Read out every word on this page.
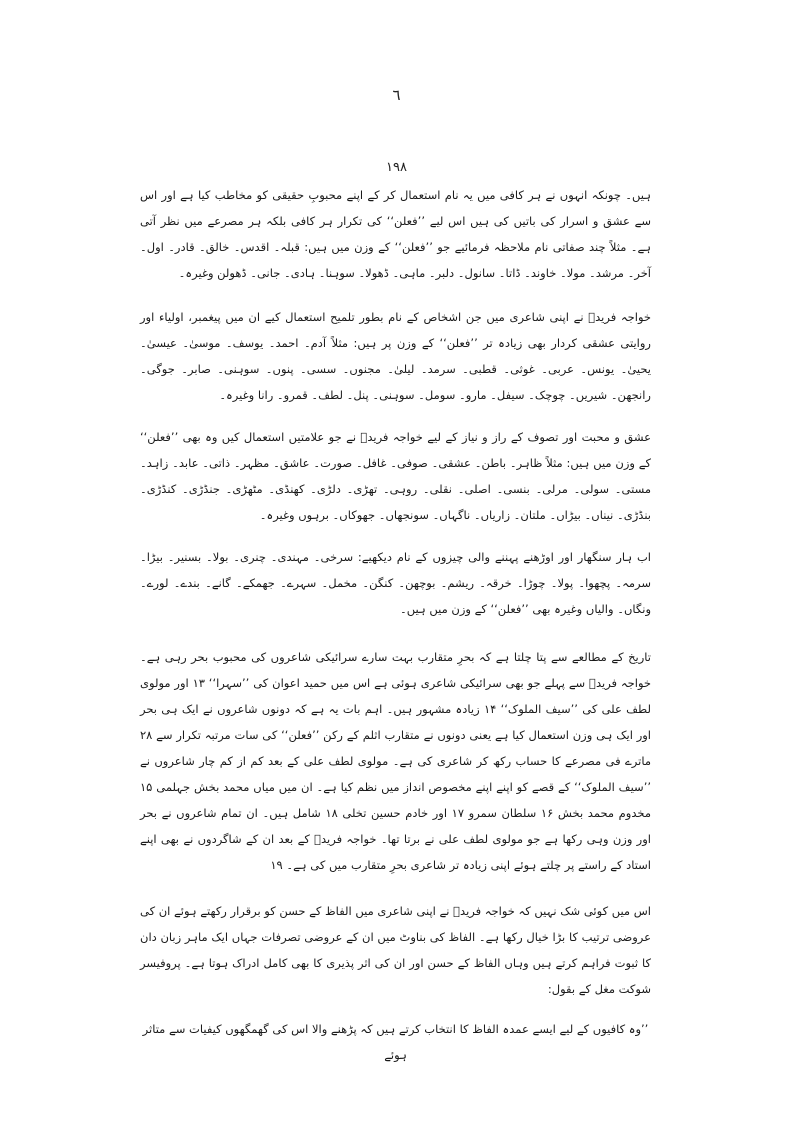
٦
۱۹۸

ہیں۔ چونکہ انہوں نے ہر کافی میں یہ نام استعمال کر کے اپنے محبوبِ حقیقی کو مخاطب کیا ہے اور اس سے عشق و اسرار کی باتیں کی ہیں اس لیے ’’فعلن‘‘ کی تکرار ہر کافی بلکہ ہر مصرعے میں نظر آتی ہے۔ مثلاً چند صفاتی نام ملاحظہ فرمائیے جو ’’فعلن‘‘ کے وزن میں ہیں: قبلہ۔ اقدس۔ خالق۔ قادر۔ اول۔ آخر۔ مرشد۔ مولا۔ خاوند۔ ڈاتا۔ سانول۔ دلبر۔ ماہی۔ ڈھولا۔ سوہنا۔ ہادی۔ جانی۔ ڈھولن وغیرہ۔

خواجہ فریدؒ نے اپنی شاعری میں جن اشخاص کے نام بطور تلمیح استعمال کیے ان میں پیغمبر، اولیاء اور روایتی عشقی کردار بھی زیادہ تر ’’فعلن‘‘ کے وزن پر ہیں: مثلاً آدم۔ احمد۔ یوسف۔ موسیٰ۔ عیسیٰ۔ یحییٰ۔ یونس۔ عربی۔ غوثی۔ قطبی۔ سرمد۔ لیلیٰ۔ مجنوں۔ سسی۔ پنوں۔ سوہنی۔ صابر۔ جوگی۔ رانجھن۔ شیریں۔ چوچک۔ سیفل۔ مارو۔ سومل۔ سوہنی۔ پنل۔ لطف۔ قمرو۔ رانا وغیرہ۔

عشق و محبت اور تصوف کے راز و نیاز کے لیے خواجہ فریدؒ نے جو علامتیں استعمال کیں وہ بھی ’’فعلن‘‘ کے وزن میں ہیں: مثلاً ظاہر۔ باطن۔ عشقی۔ صوفی۔ غافل۔ صورت۔ عاشق۔ مظہر۔ ذاتی۔ عابد۔ زاہد۔ مستی۔ سولی۔ مرلی۔ بنسی۔ اصلی۔ نقلی۔ روہی۔ تھڑی۔ دلڑی۔ کھنڈی۔ مٹھڑی۔ جنڈڑی۔ کنڈڑی۔ بنڈڑی۔ نیناں۔ بیڑاں۔ ملتان۔ زاریاں۔ ناگہاں۔ سونجھاں۔ جھوکاں۔ برہوں وغیرہ۔

اب ہار سنگھار اور اوڑھنے پہننے والی چیزوں کے نام دیکھیے: سرخی۔ مہندی۔ چنری۔ بولا۔ بسنیر۔ بیڑا۔ سرمہ۔ پچھوا۔ پولا۔ چوڑا۔ خرقہ۔ ریشم۔ بوچھن۔ کنگن۔ مخمل۔ سہرے۔ جھمکے۔ گانے۔ بندے۔ لورے۔ ونگاں۔ والیاں وغیرہ بھی ’’فعلن‘‘ کے وزن میں ہیں۔

تاریخ کے مطالعے سے پتا چلتا ہے کہ بحرِ متقارب بہت سارے سرائیکی شاعروں کی محبوب بحر رہی ہے۔ خواجہ فریدؒ سے پہلے جو بھی سرائیکی شاعری ہوئی ہے اس میں حمید اعوان کی ’’سہرا‘‘ ۱۳ اور مولوی لطف علی کی ’’سیف الملوک‘‘ ۱۴ زیادہ مشہور ہیں۔ اہم بات یہ ہے کہ دونوں شاعروں نے ایک ہی بحر اور ایک ہی وزن استعمال کیا ہے یعنی دونوں نے متقارب اثلم کے رکن ’’فعلن‘‘ کی سات مرتبہ تکرار سے ۲۸ ماترے فی مصرعے کا حساب رکھ کر شاعری کی ہے۔ مولوی لطف علی کے بعد کم از کم چار شاعروں نے ’’سیف الملوک‘‘ کے قصے کو اپنے اپنے مخصوص انداز میں نظم کیا ہے۔ ان میں میاں محمد بخش جہلمی ۱۵ مخدوم محمد بخش ۱۶ سلطان سمرو ۱۷ اور خادم حسین تخلی ۱۸ شامل ہیں۔ ان تمام شاعروں نے بحر اور وزن وہی رکھا ہے جو مولوی لطف علی نے برتا تھا۔ خواجہ فریدؒ کے بعد ان کے شاگردوں نے بھی اپنے استاد کے راستے پر چلتے ہوئے اپنی زیادہ تر شاعری بحرِ متقارب میں کی ہے۔ ۱۹

اس میں کوئی شک نہیں کہ خواجہ فریدؒ نے اپنی شاعری میں الفاظ کے حسن کو برقرار رکھتے ہوئے ان کی عروضی ترتیب کا بڑا خیال رکھا ہے۔ الفاظ کی بناوٹ میں ان کے عروضی تصرفات جہاں ایک ماہر زبان دان کا ثبوت فراہم کرتے ہیں وہاں الفاظ کے حسن اور ان کی اثر پذیری کا بھی کامل ادراک ہوتا ہے۔ پروفیسر شوکت مغل کے بقول:

’’وہ کافیوں کے لیے ایسے عمدہ الفاظ کا انتخاب کرتے ہیں کہ پڑھنے والا اس کی گھمگھوں کیفیات سے متاثر ہوئے
